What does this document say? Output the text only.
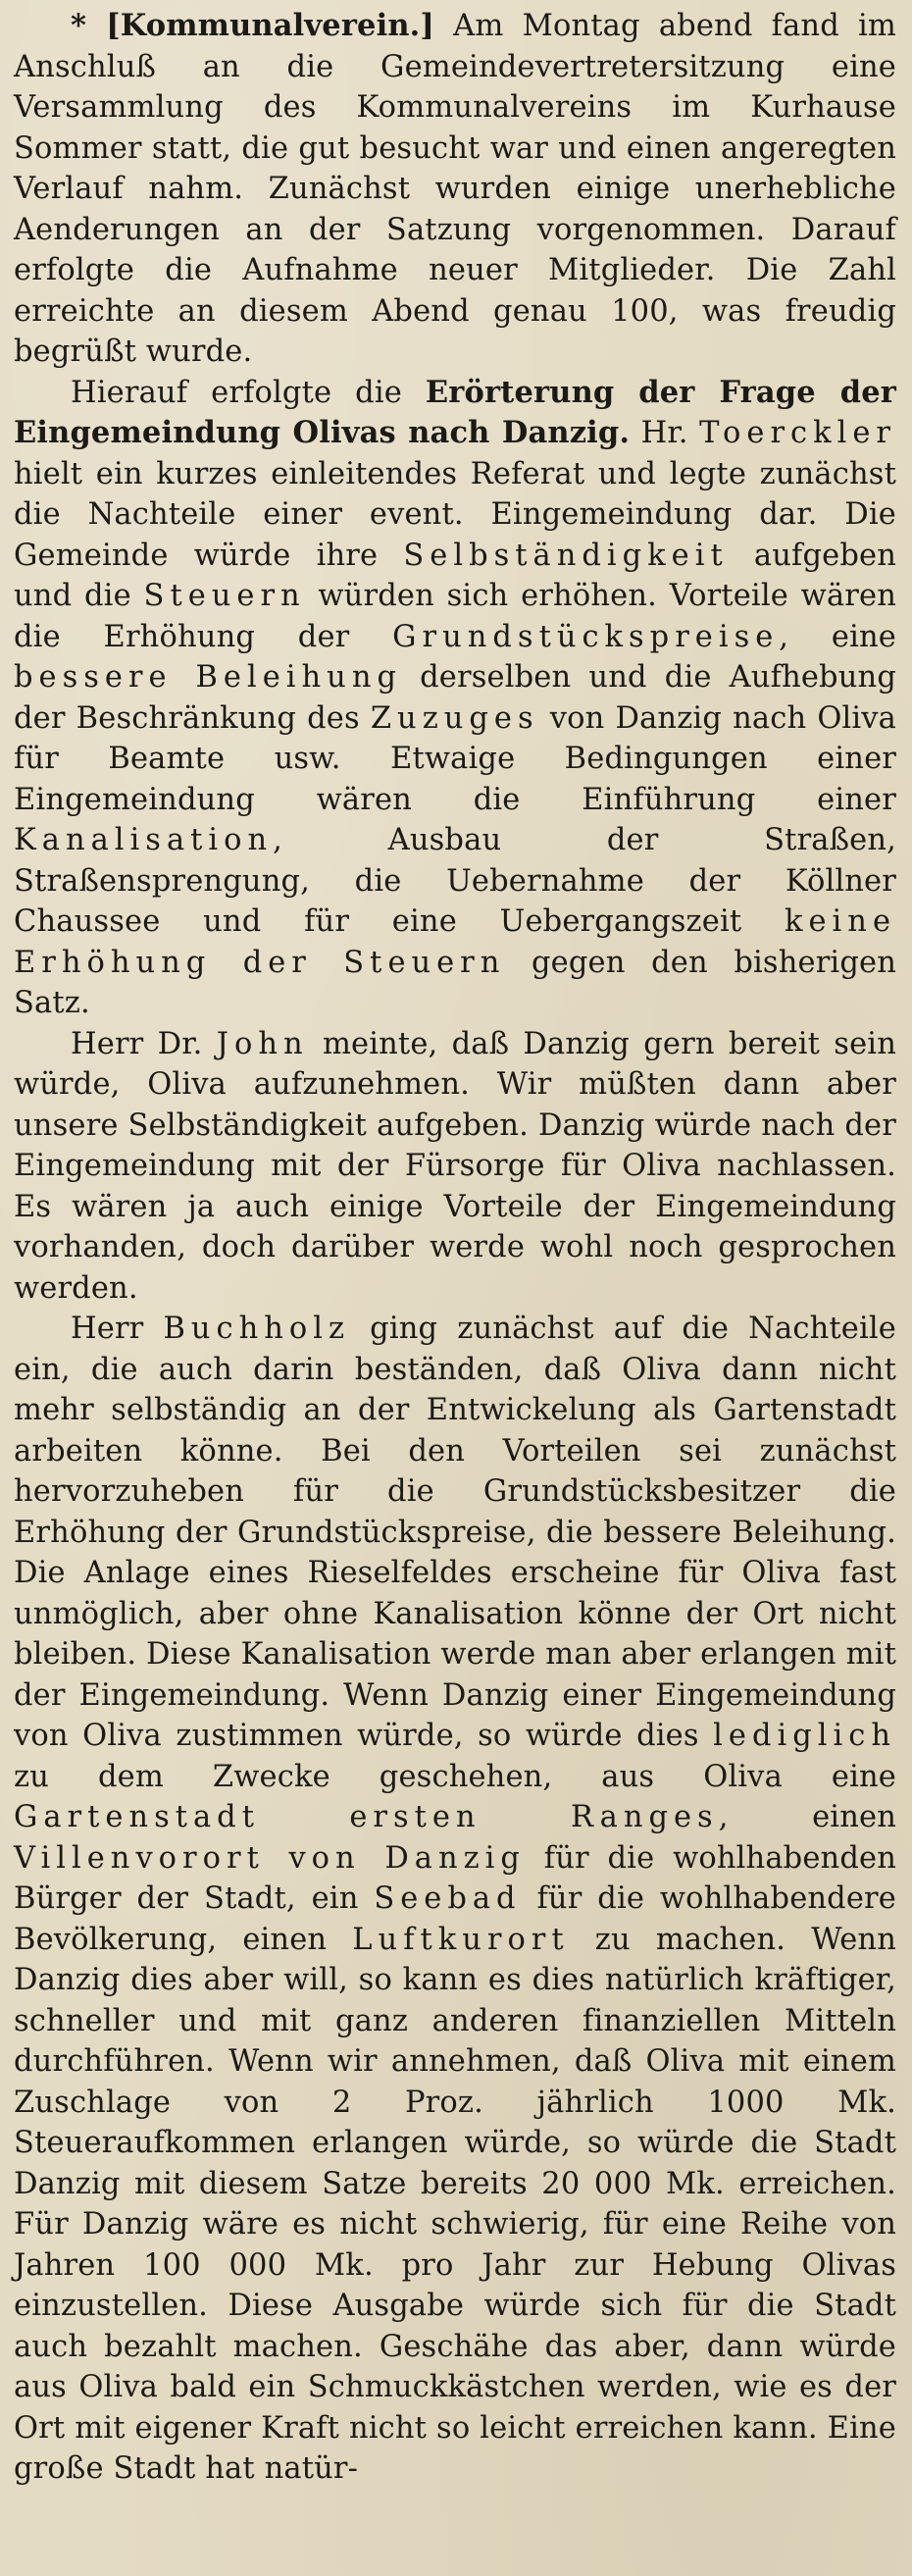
* [Kommunalverein.] Am Montag abend fand im Anschluß an die Gemeindevertretersitzung eine Versammlung des Kommunalvereins im Kurhause Sommer statt, die gut besucht war und einen angeregten Verlauf nahm. Zunächst wurden einige unerhebliche Aenderungen an der Satzung vorgenommen. Darauf erfolgte die Aufnahme neuer Mitglieder. Die Zahl erreichte an diesem Abend genau 100, was freudig begrüßt wurde.

Hierauf erfolgte die Erörterung der Frage der Eingemeindung Olivas nach Danzig. Hr. Toerckler hielt ein kurzes einleitendes Referat und legte zunächst die Nachteile einer event. Eingemeindung dar. Die Gemeinde würde ihre Selbständigkeit aufgeben und die Steuern würden sich erhöhen. Vorteile wären die Erhöhung der Grundstückspreise, eine bessere Beleihung derselben und die Aufhebung der Beschränkung des Zuzuges von Danzig nach Oliva für Beamte usw. Etwaige Bedingungen einer Eingemeindung wären die Einführung einer Kanalisation, Ausbau der Straßen, Straßensprengung, die Uebernahme der Köllner Chaussee und für eine Uebergangszeit keine Erhöhung der Steuern gegen den bisherigen Satz.

Herr Dr. John meinte, daß Danzig gern bereit sein würde, Oliva aufzunehmen. Wir müßten dann aber unsere Selbständigkeit aufgeben. Danzig würde nach der Eingemeindung mit der Fürsorge für Oliva nachlassen. Es wären ja auch einige Vorteile der Eingemeindung vorhanden, doch darüber werde wohl noch gesprochen werden.

Herr Buchholz ging zunächst auf die Nachteile ein, die auch darin beständen, daß Oliva dann nicht mehr selbständig an der Entwickelung als Gartenstadt arbeiten könne. Bei den Vorteilen sei zunächst hervorzuheben für die Grundstücksbesitzer die Erhöhung der Grundstückspreise, die bessere Beleihung. Die Anlage eines Rieselfeldes erscheine für Oliva fast unmöglich, aber ohne Kanalisation könne der Ort nicht bleiben. Diese Kanalisation werde man aber erlangen mit der Eingemeindung. Wenn Danzig einer Eingemeindung von Oliva zustimmen würde, so würde dies lediglich zu dem Zwecke geschehen, aus Oliva eine Gartenstadt ersten Ranges, einen Villenvorort von Danzig für die wohlhabenden Bürger der Stadt, ein Seebad für die wohlhabendere Bevölkerung, einen Luftkurort zu machen. Wenn Danzig dies aber will, so kann es dies natürlich kräftiger, schneller und mit ganz anderen finanziellen Mitteln durchführen. Wenn wir annehmen, daß Oliva mit einem Zuschlage von 2 Proz. jährlich 1000 Mk. Steueraufkommen erlangen würde, so würde die Stadt Danzig mit diesem Satze bereits 20 000 Mk. erreichen. Für Danzig wäre es nicht schwierig, für eine Reihe von Jahren 100 000 Mk. pro Jahr zur Hebung Olivas einzustellen. Diese Ausgabe würde sich für die Stadt auch bezahlt machen. Geschähe das aber, dann würde aus Oliva bald ein Schmuckkästchen werden, wie es der Ort mit eigener Kraft nicht so leicht erreichen kann. Eine große Stadt hat natür-
